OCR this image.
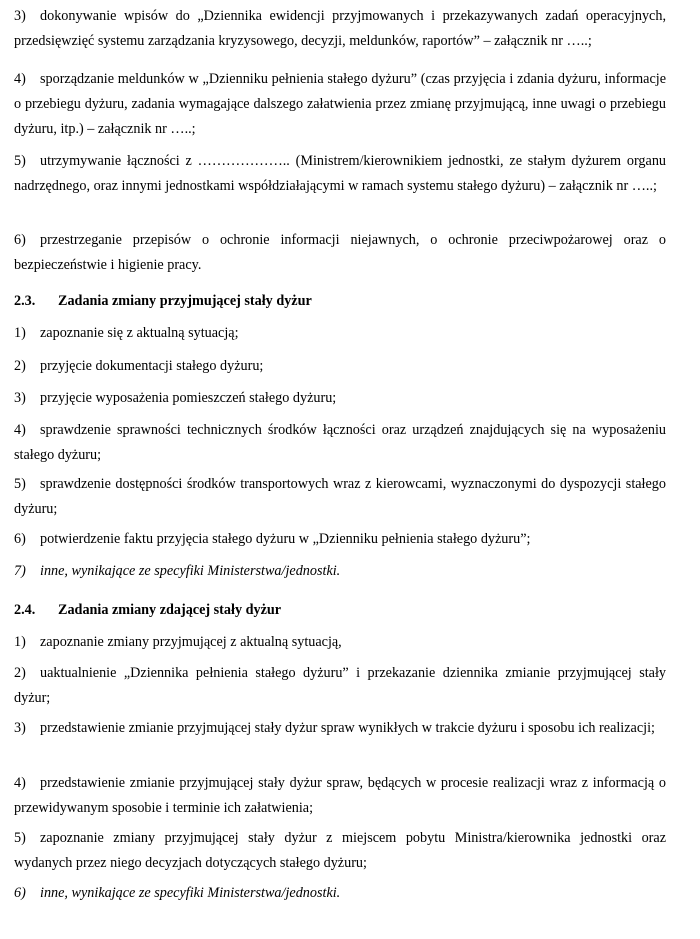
3) dokonywanie wpisów do „Dziennika ewidencji przyjmowanych i przekazywanych zadań operacyjnych, przedsięwzięć systemu zarządzania kryzysowego, decyzji, meldunków, raportów” – załącznik nr …..;
4) sporządzanie meldunków w „Dzienniku pełnienia stałego dyżuru” (czas przyjęcia i zdania dyżuru, informacje o przebiegu dyżuru, zadania wymagające dalszego załatwienia przez zmianę przyjmującą, inne uwagi o przebiegu dyżuru, itp.) – załącznik nr …..;
5) utrzymywanie łączności z ……………….. (Ministrem/kierownikiem jednostki, ze stałym dyżurem organu nadrzędnego, oraz innymi jednostkami współdziałającymi w ramach systemu stałego dyżuru) – załącznik nr …..;
6) przestrzeganie przepisów o ochronie informacji niejawnych, o ochronie przeciwpożarowej oraz o bezpieczeństwie i higienie pracy.
2.3. Zadania zmiany przyjmującej stały dyżur
1) zapoznanie się z aktualną sytuacją;
2) przyjęcie dokumentacji stałego dyżuru;
3) przyjęcie wyposażenia pomieszczeń stałego dyżuru;
4) sprawdzenie sprawności technicznych środków łączności oraz urządzeń znajdujących się na wyposażeniu stałego dyżuru;
5) sprawdzenie dostępności środków transportowych wraz z kierowcami, wyznaczonymi do dyspozycji stałego dyżuru;
6) potwierdzenie faktu przyjęcia stałego dyżuru w „Dzienniku pełnienia stałego dyżuru”;
7) inne, wynikające ze specyfiki Ministerstwa/jednostki.
2.4. Zadania zmiany zdającej stały dyżur
1) zapoznanie zmiany przyjmującej z aktualną sytuacją,
2) uaktualnienie „Dziennika pełnienia stałego dyżuru” i przekazanie dziennika zmianie przyjmującej stały dyżur;
3) przedstawienie zmianie przyjmującej stały dyżur spraw wynikłych w trakcie dyżuru i sposobu ich realizacji;
4) przedstawienie zmianie przyjmującej stały dyżur spraw, będących w procesie realizacji wraz z informacją o przewidywanym sposobie i terminie ich załatwienia;
5) zapoznanie zmiany przyjmującej stały dyżur z miejscem pobytu Ministra/kierownika jednostki oraz wydanych przez niego decyzjach dotyczących stałego dyżuru;
6) inne, wynikające ze specyfiki Ministerstwa/jednostki.
